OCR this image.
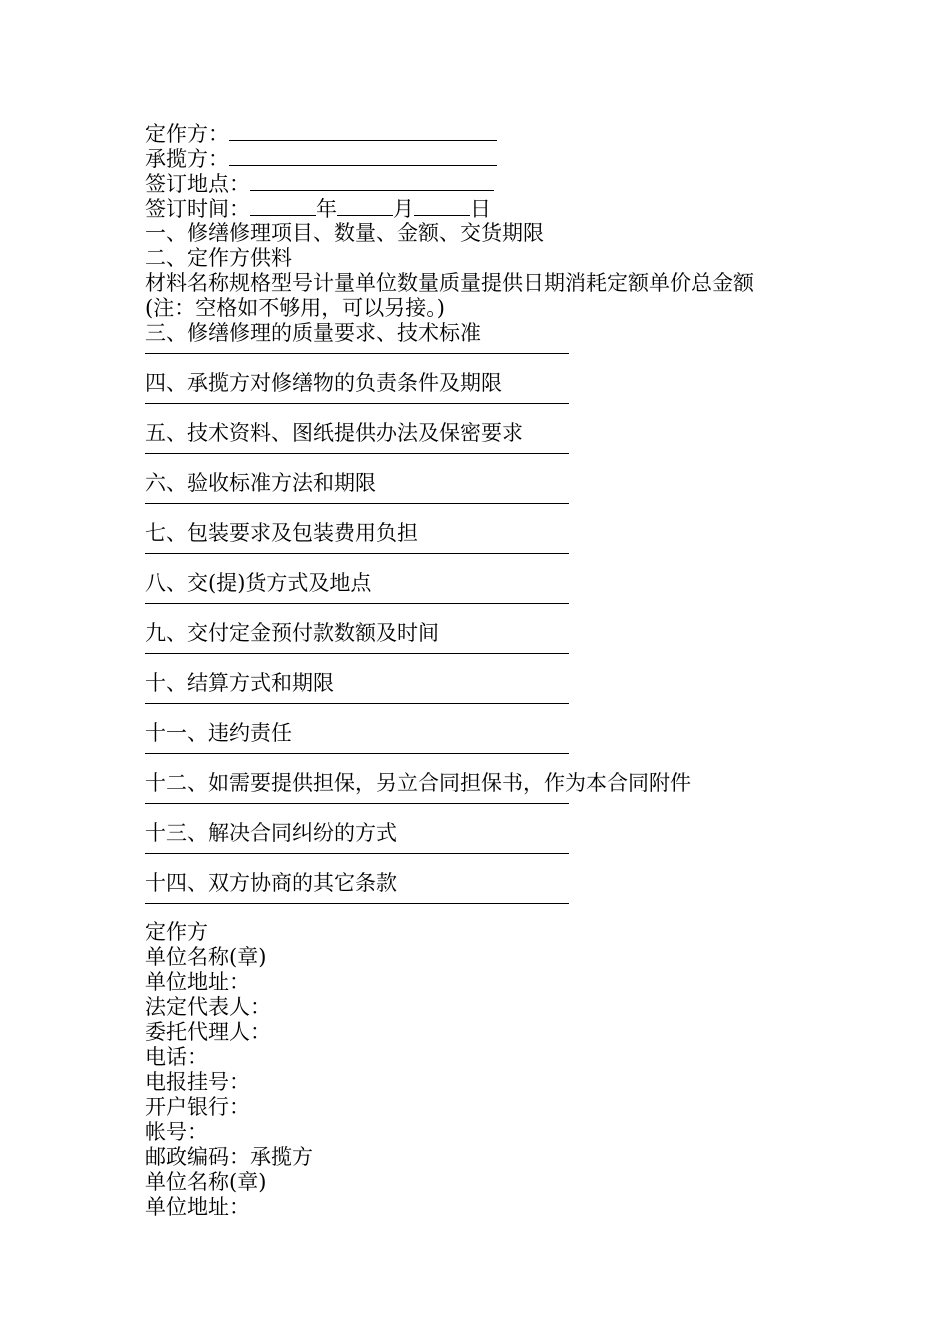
定作方：
承揽方：
签订地点：
签订时间：	年	月	日
一、修缮修理项目、数量、金额、交货期限
二、定作方供料
材料名称规格型号计量单位数量质量提供日期消耗定额单价总金额
(注：空格如不够用，可以另接。)
三、修缮修理的质量要求、技术标准
四、承揽方对修缮物的负责条件及期限
五、技术资料、图纸提供办法及保密要求
六、验收标准方法和期限
七、包装要求及包装费用负担
八、交(提)货方式及地点
九、交付定金预付款数额及时间
十、结算方式和期限
十一、违约责任
十二、如需要提供担保，另立合同担保书，作为本合同附件
十三、解决合同纠纷的方式
十四、双方协商的其它条款
定作方
单位名称(章)
单位地址：
法定代表人：
委托代理人：
电话：
电报挂号：
开户银行：
帐号：
邮政编码：承揽方
单位名称(章)
单位地址：
